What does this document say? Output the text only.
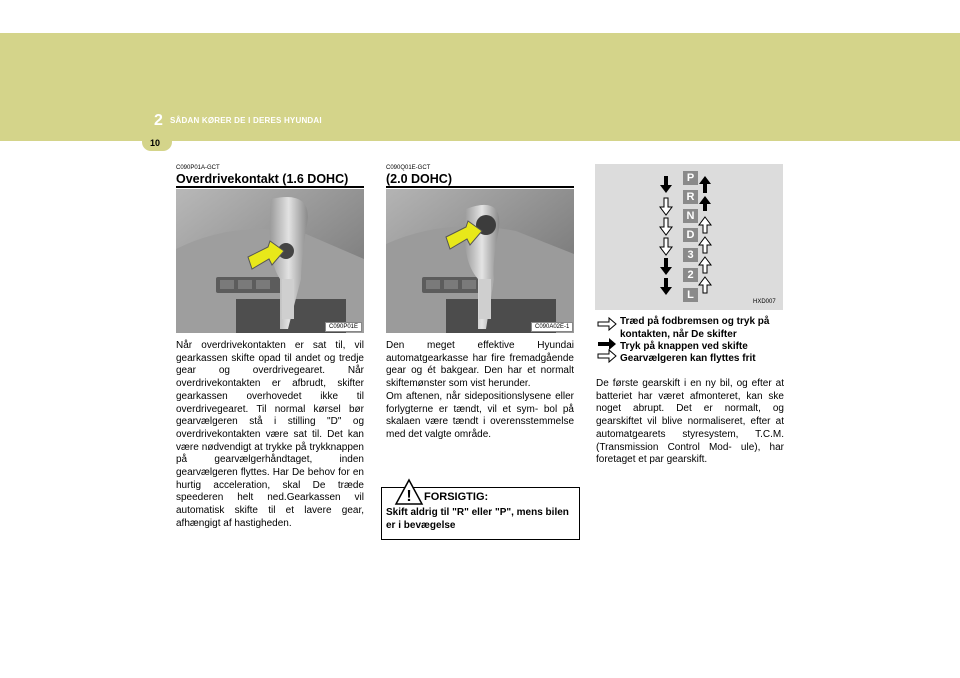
2 SÅDAN KØRER DE I DERES HYUNDAI
10
C090P01A-GCT
Overdrivekontakt (1.6 DOHC)
C090P01E
Når overdrivekontakten er sat til, vil gearkassen skifte opad til andet og tredje gear og overdrivegearet. Når overdrivekontakten er afbrudt, skifter gearkassen overhovedet ikke til overdrivegearet. Til normal kørsel bør gearvælgeren stå i stilling "D" og overdrivekontakten være sat til. Det kan være nødvendigt at trykke på trykknappen på gearvælgerhåndtaget, inden gearvælgeren flyttes. Har De behov for en hurtig acceleration, skal De træde speederen helt ned.Gearkassen vil automatisk skifte til et lavere gear, afhængigt af hastigheden.
C090Q01E-GCT
(2.0 DOHC)
C090A02E-1
Den meget effektive Hyundai automatgearkasse har fire fremadgående gear og ét bakgear. Den har et normalt skiftemønster som vist herunder.
Om aftenen, når sidepositionslysene eller forlygterne er tændt, vil et sym- bol på skalaen være tændt i overensstemmelse med det valgte område.
! FORSIGTIG:
Skift aldrig til "R" eller "P", mens bilen er i bevægelse
P
R
N
D
3
2
L
HXD007
Træd på fodbremsen og tryk på kontakten, når De skifter
Tryk på knappen ved skifte
Gearvælgeren kan flyttes frit
De første gearskift i en ny bil, og efter at batteriet har været afmonteret, kan ske noget abrupt. Det er normalt, og gearskiftet vil blive normaliseret, efter at automatgearets styresystem, T.C.M. (Transmission Control Mod- ule), har foretaget et par gearskift.
